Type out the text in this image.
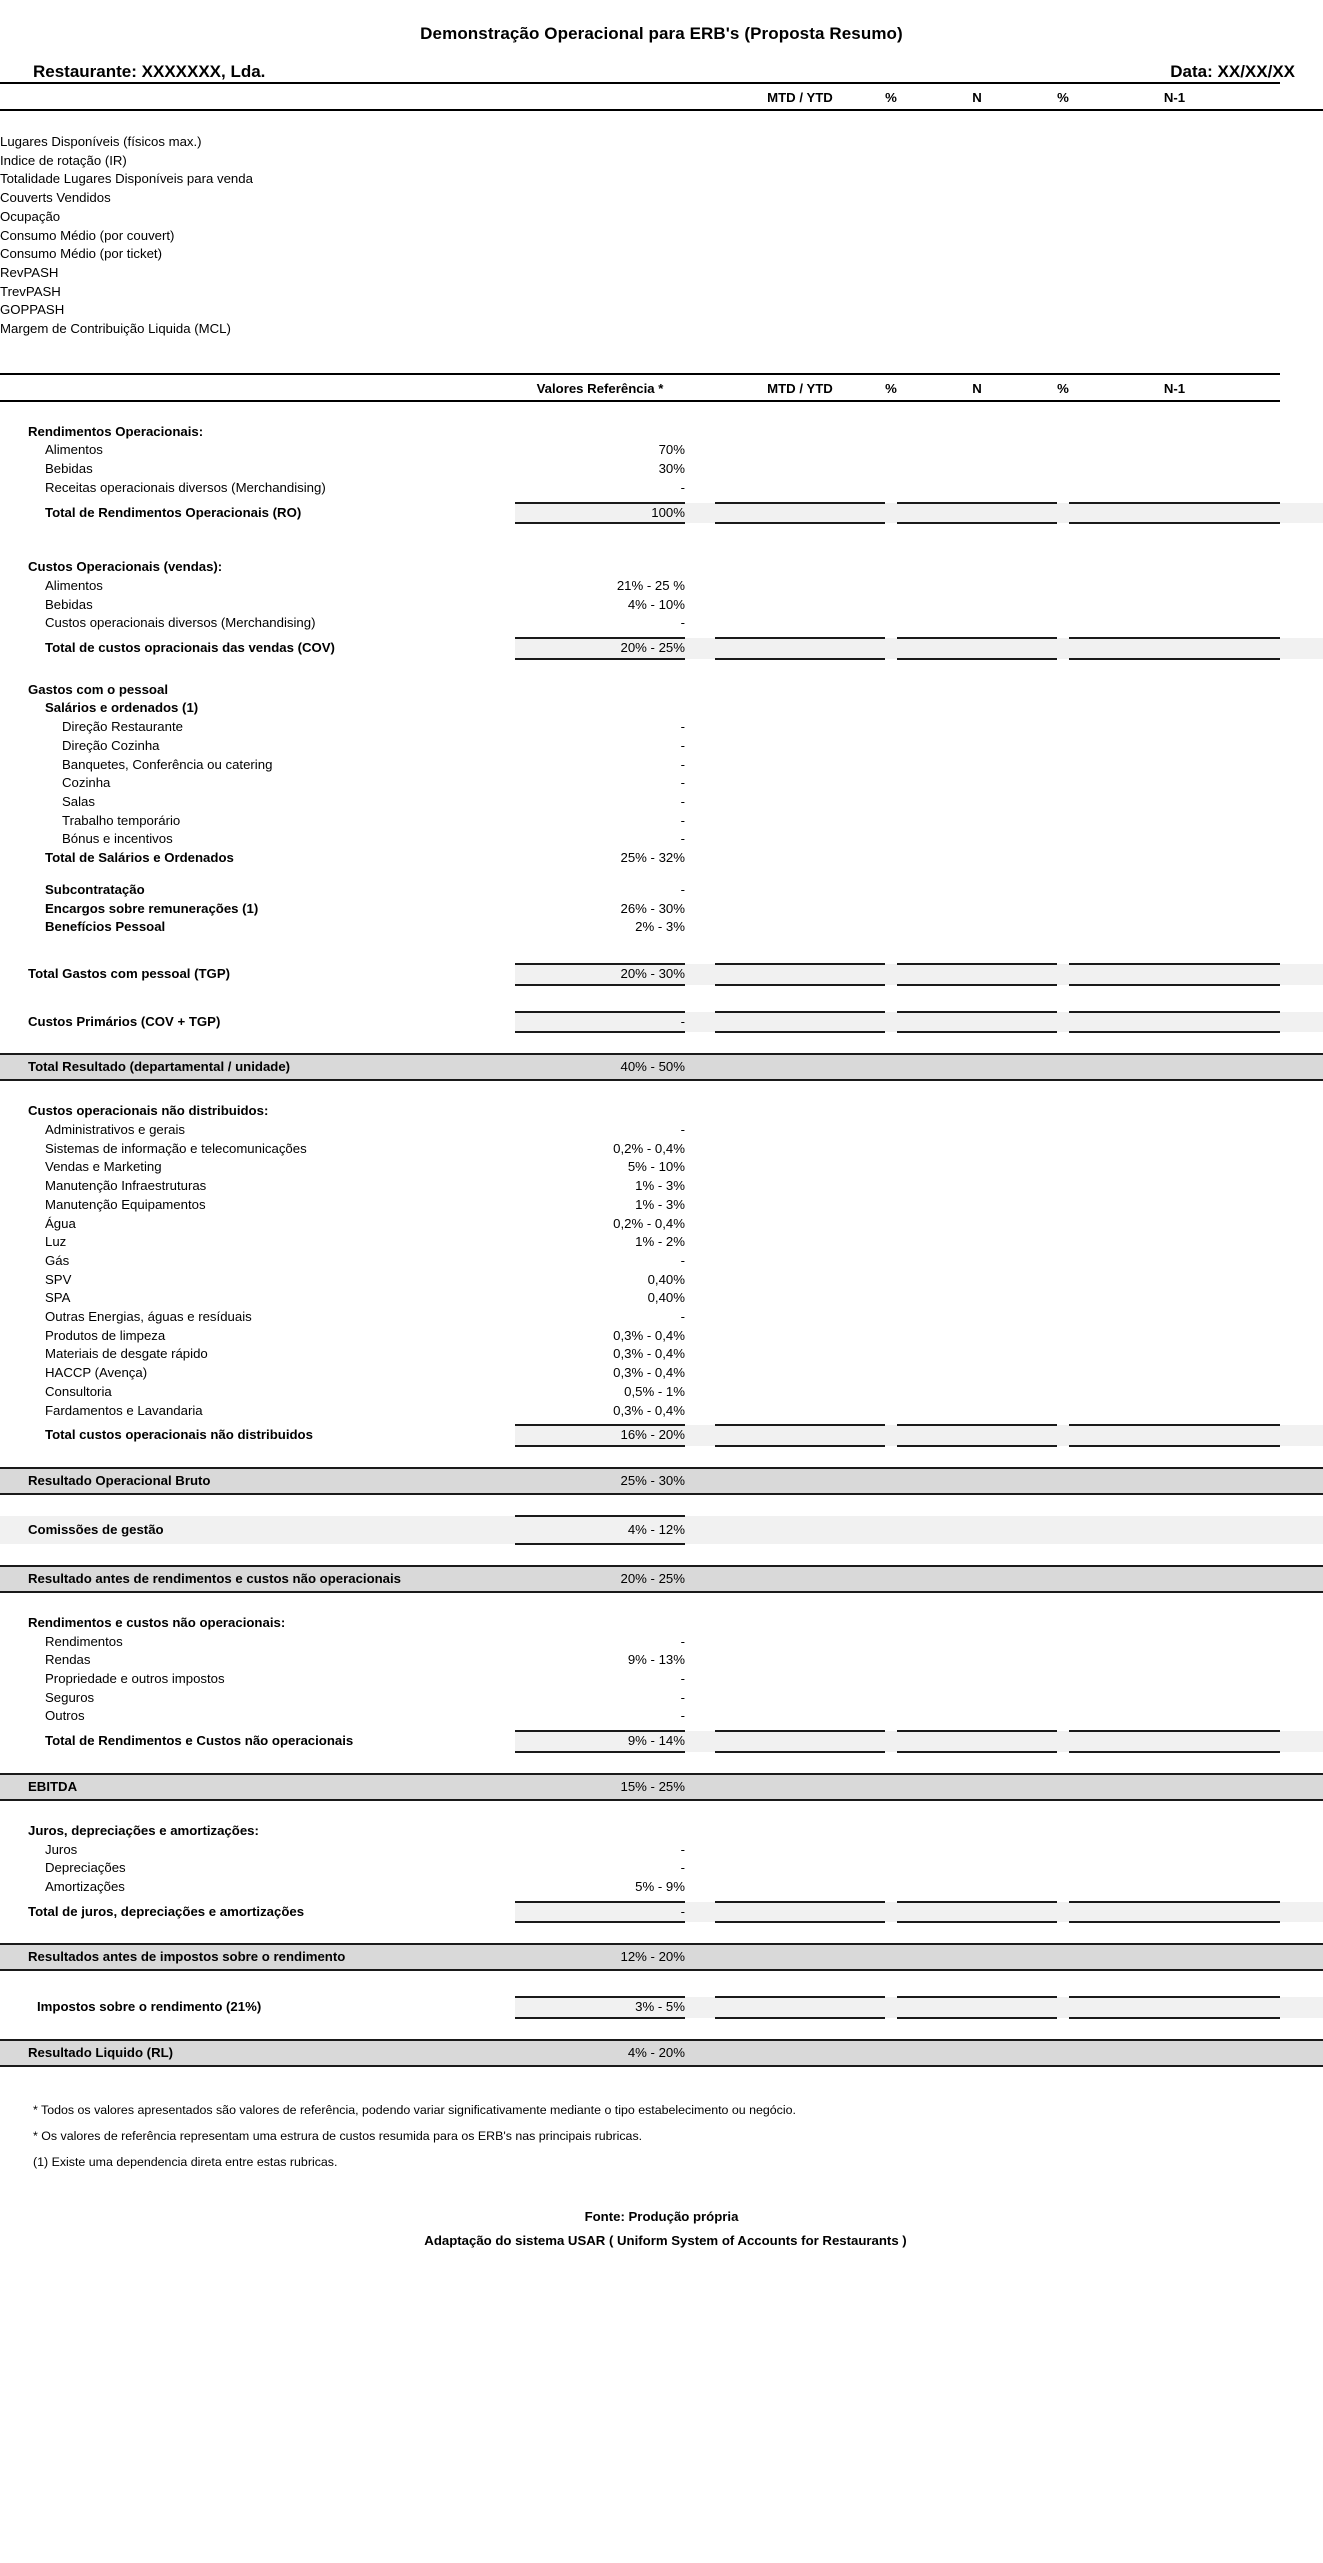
Demonstração Operacional para ERB's (Proposta Resumo)
Restaurante: XXXXXXX, Lda.	Data: XX/XX/XX

			MTD / YTD	%	N	%	N-1	

Lugares Disponíveis (físicos max.)								
Indice de rotação (IR)								
Totalidade Lugares Disponíveis para venda								
Couverts Vendidos								
Ocupação								
Consumo Médio (por couvert)								
Consumo Médio (por ticket)								
RevPASH								
TrevPASH								
GOPPASH								
Margem de Contribuição Liquida (MCL)								

	Valores Referência *		MTD / YTD	%	N	%	N-1	

Rendimentos Operacionais:								
Alimentos	70%							
Bebidas	30%							
Receitas operacionais diversos (Merchandising)	-							

Total de Rendimentos Operacionais (RO)	100%							

Custos Operacionais (vendas):								
Alimentos	21% - 25 %							
Bebidas	4% - 10%							
Custos operacionais diversos (Merchandising)	-							

Total de custos opracionais das vendas (COV)	20% - 25%							

Gastos com o pessoal								
Salários e ordenados (1)								
Direção Restaurante	-							
Direção Cozinha	-							
Banquetes, Conferência ou catering	-							
Cozinha	-							
Salas	-							
Trabalho temporário	-							
Bónus e incentivos	-							
Total de Salários e Ordenados	25% - 32%							

Subcontratação	-							
Encargos sobre remunerações (1)	26% - 30%							
Benefícios Pessoal	2% - 3%							

Total Gastos com pessoal (TGP)	20% - 30%							

Custos Primários (COV + TGP)	-							

Total Resultado (departamental / unidade)	40% - 50%							

Custos operacionais não distribuidos:								
Administrativos e gerais	-							
Sistemas de informação e telecomunicações	0,2% - 0,4%							
Vendas e Marketing	5% - 10%							
Manutenção Infraestruturas	1% - 3%							
Manutenção Equipamentos	1% - 3%							
Água	0,2% - 0,4%							
Luz	1% - 2%							
Gás	-							
SPV	0,40%							
SPA	0,40%							
Outras Energias, águas e resíduais	-							
Produtos de limpeza	0,3% - 0,4%							
Materiais de desgate rápido	0,3% - 0,4%							
HACCP (Avença)	0,3% - 0,4%							
Consultoria	0,5% - 1%							
Fardamentos e Lavandaria	0,3% - 0,4%							

Total custos operacionais não distribuidos	16% - 20%							

Resultado Operacional Bruto	25% - 30%							

Comissões de gestão	4% - 12%							

Resultado antes de rendimentos e custos não operacionais	20% - 25%							

Rendimentos e custos não operacionais:								
Rendimentos	-							
Rendas	9% - 13%							
Propriedade e outros impostos	-							
Seguros	-							
Outros	-							

Total de Rendimentos e Custos não operacionais	9% - 14%							

EBITDA	15% - 25%							

Juros, depreciações e amortizações:								
Juros	-							
Depreciações	-							
Amortizações	5% - 9%							

Total de juros, depreciações e amortizações	-							

Resultados antes de impostos sobre o rendimento	12% - 20%							

Impostos sobre o rendimento (21%)	3% - 5%							

Resultado Liquido (RL)	4% - 20%							
* Todos os valores apresentados são valores de referência, podendo variar significativamente mediante o tipo estabelecimento ou negócio.
* Os valores de referência representam uma estrura de custos resumida para os ERB's nas principais rubricas.
(1) Existe uma dependencia direta entre estas rubricas.
Fonte: Produção própria
Adaptação do sistema USAR ( Uniform System of Accounts for Restaurants )
